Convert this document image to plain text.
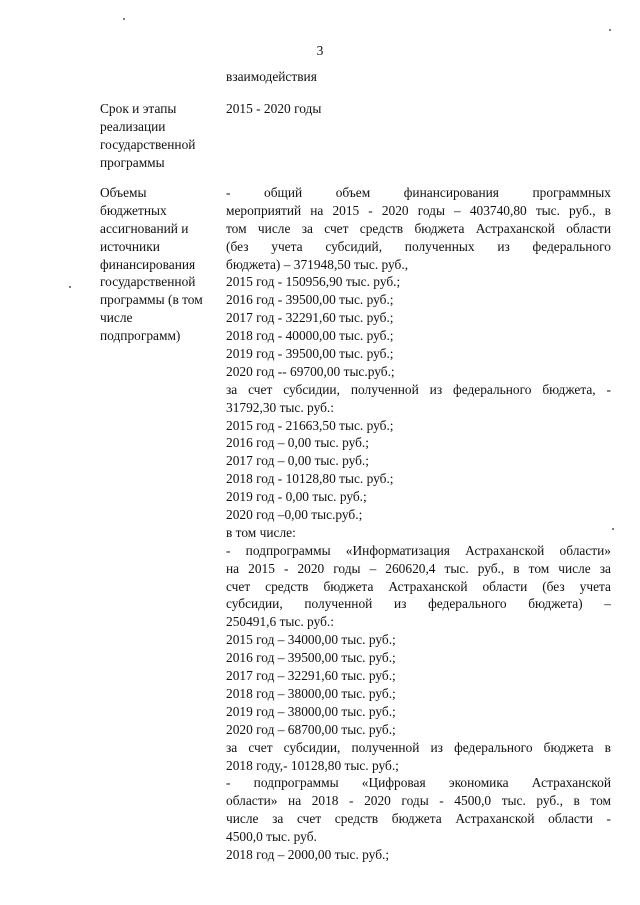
3
взаимодействия
Срок и этапы
реализации
государственной
программы
2015 - 2020 годы
Объемы
бюджетных
ассигнований и
источники
финансирования
государственной
программы (в том
числе
подпрограмм)
- общий объем финансирования программных
мероприятий на 2015 - 2020 годы – 403740,80 тыс. руб., в
том числе за счет средств бюджета Астраханской области
(без учета субсидий, полученных из федерального
бюджета) – 371948,50 тыс. руб.,
2015 год - 150956,90 тыс. руб.;
2016 год - 39500,00 тыс. руб.;
2017 год - 32291,60 тыс. руб.;
2018 год - 40000,00 тыс. руб.;
2019 год - 39500,00 тыс. руб.;
2020 год -- 69700,00 тыс.руб.;
за счет субсидии, полученной из федерального бюджета, -
31792,30 тыс. руб.:
2015 год - 21663,50 тыс. руб.;
2016 год – 0,00 тыс. руб.;
2017 год – 0,00 тыс. руб.;
2018 год - 10128,80 тыс. руб.;
2019 год - 0,00 тыс. руб.;
2020 год –0,00 тыс.руб.;
в том числе:
- подпрограммы «Информатизация Астраханской области»
на 2015 - 2020 годы – 260620,4 тыс. руб., в том числе за
счет средств бюджета Астраханской области (без учета
субсидии, полученной из федерального бюджета) –
250491,6 тыс. руб.:
2015 год – 34000,00 тыс. руб.;
2016 год – 39500,00 тыс. руб.;
2017 год – 32291,60 тыс. руб.;
2018 год – 38000,00 тыс. руб.;
2019 год – 38000,00 тыс. руб.;
2020 год – 68700,00 тыс. руб.;
за счет субсидии, полученной из федерального бюджета в
2018 году,- 10128,80 тыс. руб.;
- подпрограммы «Цифровая экономика Астраханской
области» на 2018 - 2020 годы - 4500,0 тыс. руб., в том
числе за счет средств бюджета Астраханской области -
4500,0 тыс. руб.
2018 год – 2000,00 тыс. руб.;
